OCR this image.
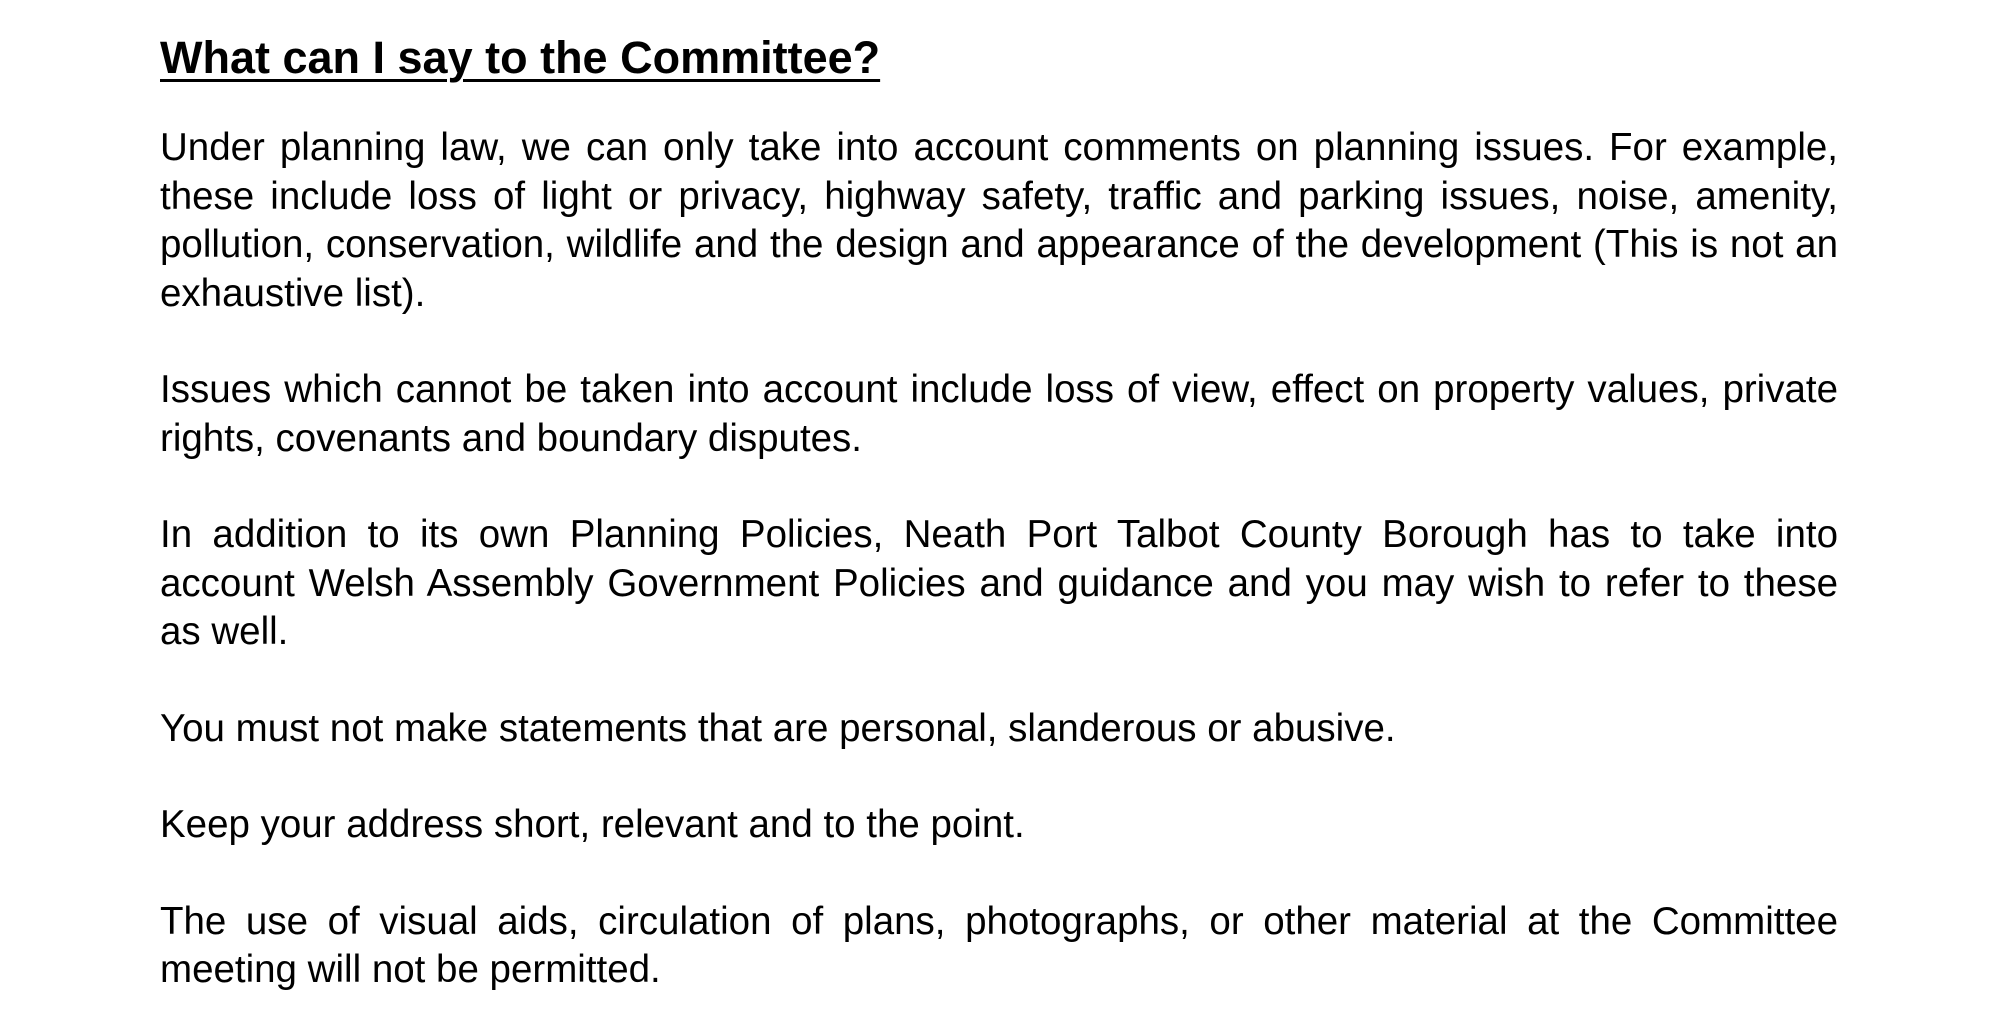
What can I say to the Committee?

Under planning law, we can only take into account comments on planning issues. For example, these include loss of light or privacy, highway safety, traffic and parking issues, noise, amenity, pollution, conservation, wildlife and the design and appearance of the development (This is not an exhaustive list).

Issues which cannot be taken into account include loss of view, effect on property values, private rights, covenants and boundary disputes.

In addition to its own Planning Policies, Neath Port Talbot County Borough has to take into account Welsh Assembly Government Policies and guidance and you may wish to refer to these as well.

You must not make statements that are personal, slanderous or abusive.

Keep your address short, relevant and to the point.

The use of visual aids, circulation of plans, photographs, or other material at the Committee meeting will not be permitted.
